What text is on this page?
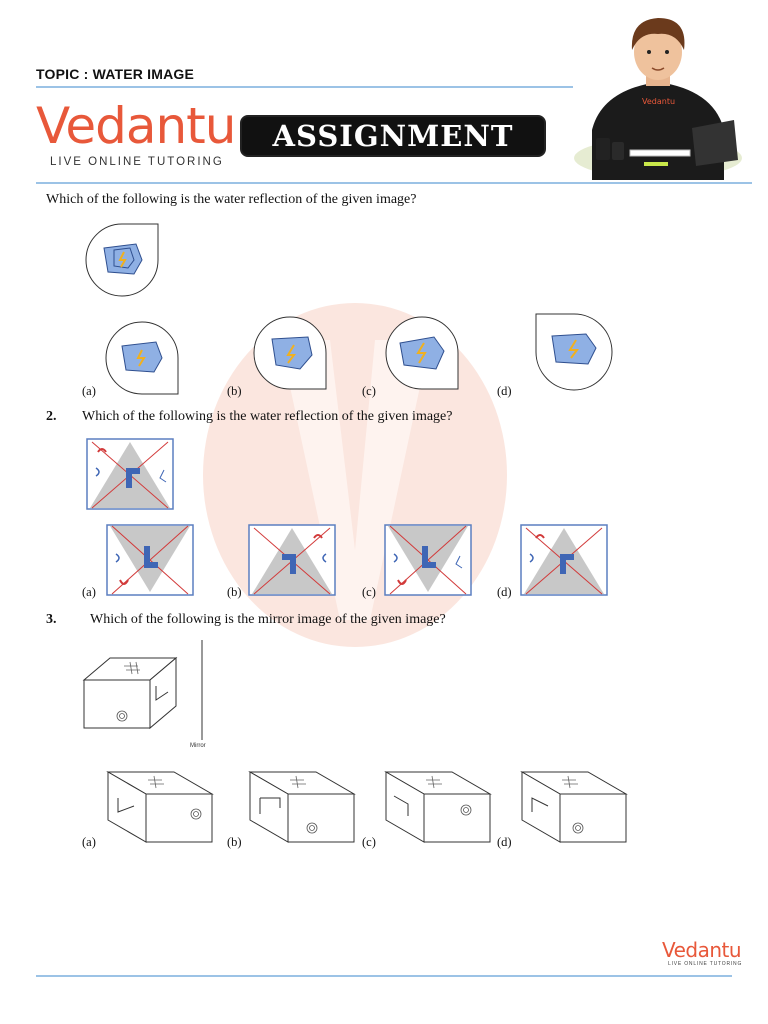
TOPIC : WATER IMAGE
Vedantu
LIVE ONLINE TUTORING
ASSIGNMENT
Vedantu
Which of the following is the water reflection of the given image?
(a)	(b)	(c)	(d)
2. Which of the following is the water reflection of the given image?
(a)	(b)	(c)	(d)
3. Which of the following is the mirror image of the given image?
Mirror
(a)	(b)	(c)	(d)
Vedantu
LIVE ONLINE TUTORING
